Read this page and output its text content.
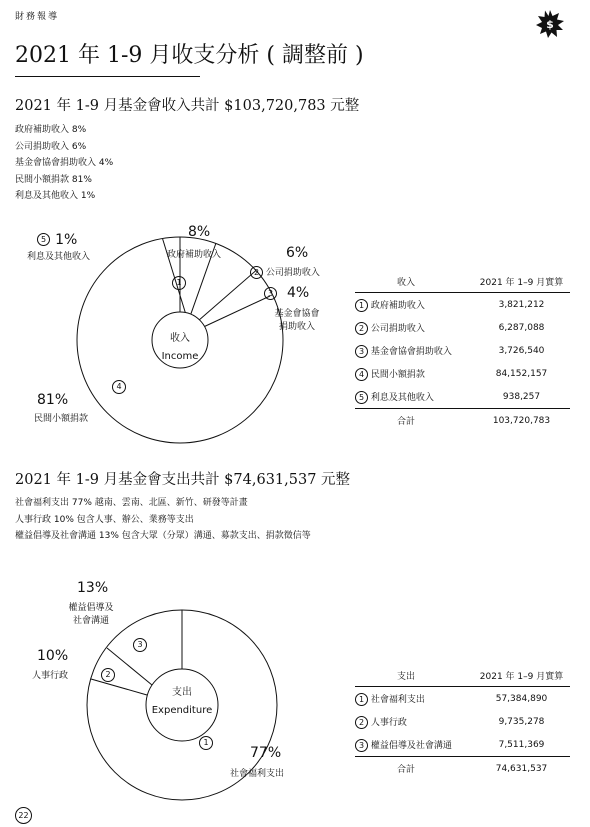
財務報導
$
2021 年 1-9 月收支分析 ( 調整前 )
2021 年 1-9 月基金會收入共計 $103,720,783 元整
政府補助收入 8%
公司捐助收入 6%
基金會協會捐助收入 4%
民間小額捐款 81%
利息及其他收入 1%
收入
Income
1
4
8%
政府補助收入	6%
2 公司捐助收入
3 4%
基金會協會
捐助收入
81%
民間小額捐款
5 1%
利息及其他收入
收入	2021 年 1–9 月實算
1 政府補助收入	3,821,212
2 公司捐助收入	6,287,088
3 基金會協會捐助收入	3,726,540
4 民間小額捐款	84,152,157
5 利息及其他收入	938,257
合計	103,720,783
2021 年 1-9 月基金會支出共計 $74,631,537 元整
社會福利支出 77% 越南、雲南、北區、新竹、研發等計畫
人事行政 10% 包含人事、辦公、業務等支出
權益倡導及社會溝通 13% 包含大眾（分眾）溝通、募款支出、捐款徵信等
支出
Expenditure
3
2
1
13%
權益倡導及
社會溝通
10%
人事行政
77%
社會福利支出
支出	2021 年 1–9 月實算
1 社會福利支出	57,384,890
2 人事行政	9,735,278
3 權益倡導及社會溝通	7,511,369
合計	74,631,537
22
